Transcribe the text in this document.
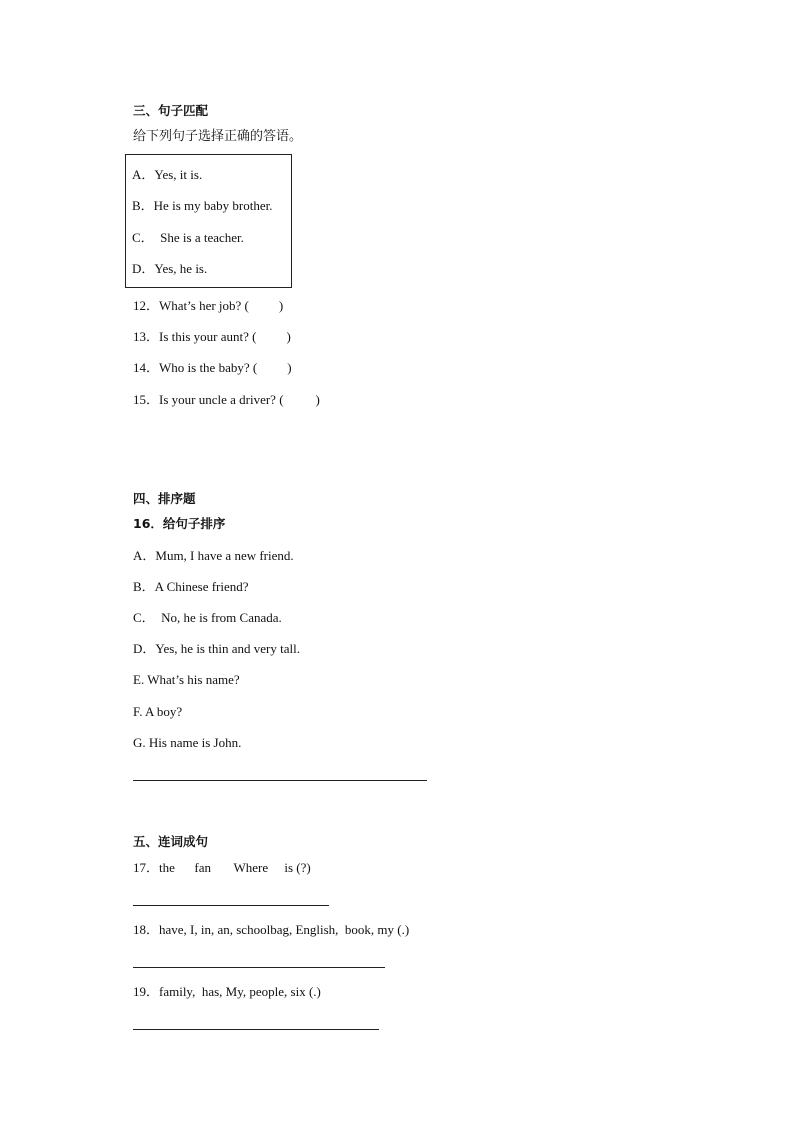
三、句子匹配
给下列句子选择正确的答语。
A．Yes, it is.
B．He is my baby brother.
C．  She is a teacher.
D．Yes, he is.
12．What’s her job? ( )
13．Is this your aunt? ( )
14．Who is the baby? ( )
15．Is your uncle a driver? ( )
四、排序题
16．给句子排序
A．Mum, I have a new friend.
B．A Chinese friend?
C．  No, he is from Canada.
D．Yes, he is thin and very tall.
E. What’s his name?
F. A boy?
G. His name is John.
五、连词成句
17．the      fan       Where     is (?)
18．have, I, in, an, schoolbag, English,  book, my (.)
19．family,  has, My, people, six (.)
